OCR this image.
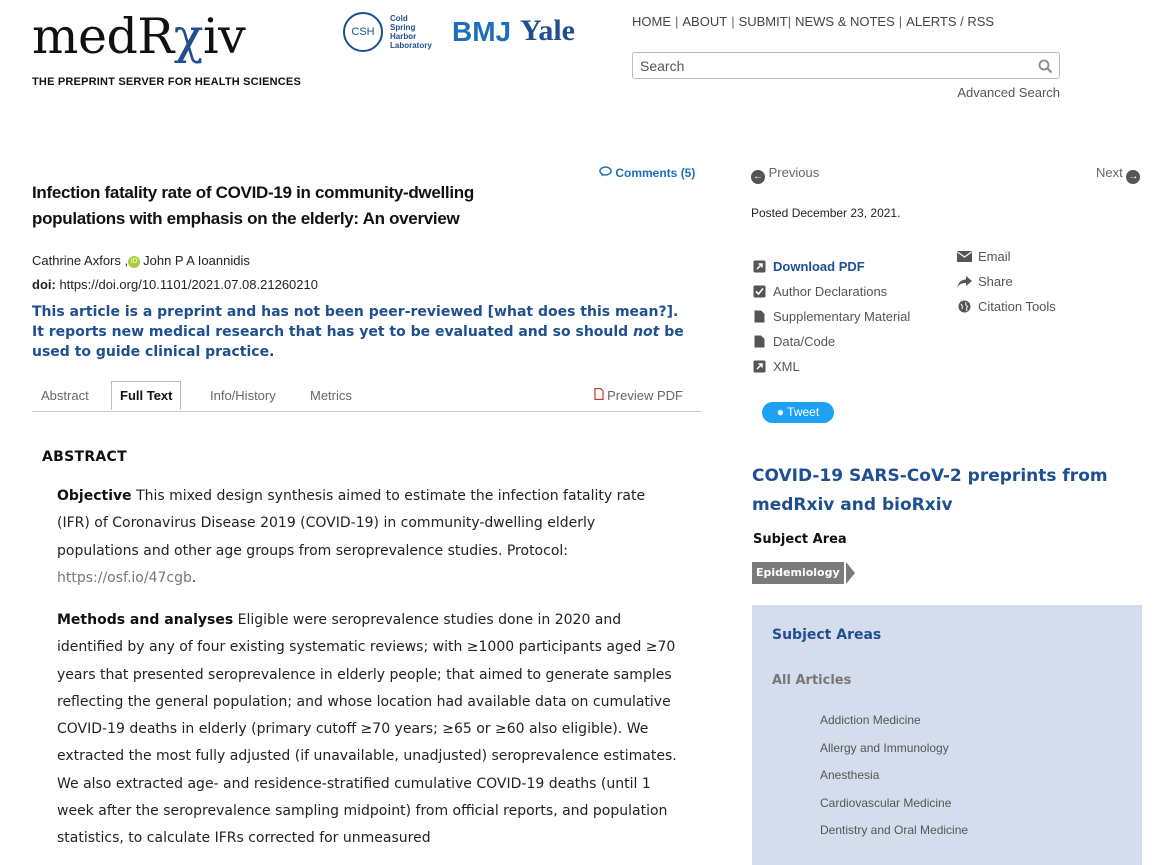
medRχiv
THE PREPRINT SERVER FOR HEALTH SCIENCES
CSH
Cold
Spring
Harbor
Laboratory BMJ Yale	HOME | ABOUT | SUBMIT| NEWS & NOTES | ALERTS / RSS
Search
Advanced Search
Comments (5)
Infection fatality rate of COVID-19 in community-dwelling populations with emphasis on the elderly: An overview
Cathrine Axfors , iD John P A Ioannidis
doi: https://doi.org/10.1101/2021.07.08.21260210
This article is a preprint and has not been peer-reviewed [what does this mean?]. It reports new medical research that has yet to be evaluated and so should not be used to guide clinical practice.
Abstract	Full Text	Info/History	Metrics	Preview PDF
ABSTRACT
Objective This mixed design synthesis aimed to estimate the infection fatality rate (IFR) of Coronavirus Disease 2019 (COVID-19) in community-dwelling elderly populations and other age groups from seroprevalence studies. Protocol: https://osf.io/47cgb.
Methods and analyses Eligible were seroprevalence studies done in 2020 and identified by any of four existing systematic reviews; with ≥1000 participants aged ≥70 years that presented seroprevalence in elderly people; that aimed to generate samples reflecting the general population; and whose location had available data on cumulative COVID-19 deaths in elderly (primary cutoff ≥70 years; ≥65 or ≥60 also eligible). We extracted the most fully adjusted (if unavailable, unadjusted) seroprevalence estimates. We also extracted age- and residence-stratified cumulative COVID-19 deaths (until 1 week after the seroprevalence sampling midpoint) from official reports, and population statistics, to calculate IFRs corrected for unmeasured
← Previous	Next →
Posted December 23, 2021.
Download PDF
Author Declarations
Supplementary Material
Data/Code
XML
Email
Share
Citation Tools
● Tweet
COVID-19 SARS-CoV-2 preprints from medRxiv and bioRxiv
Subject Area
Epidemiology
Subject Areas
All Articles
Addiction Medicine
Allergy and Immunology
Anesthesia
Cardiovascular Medicine
Dentistry and Oral Medicine
